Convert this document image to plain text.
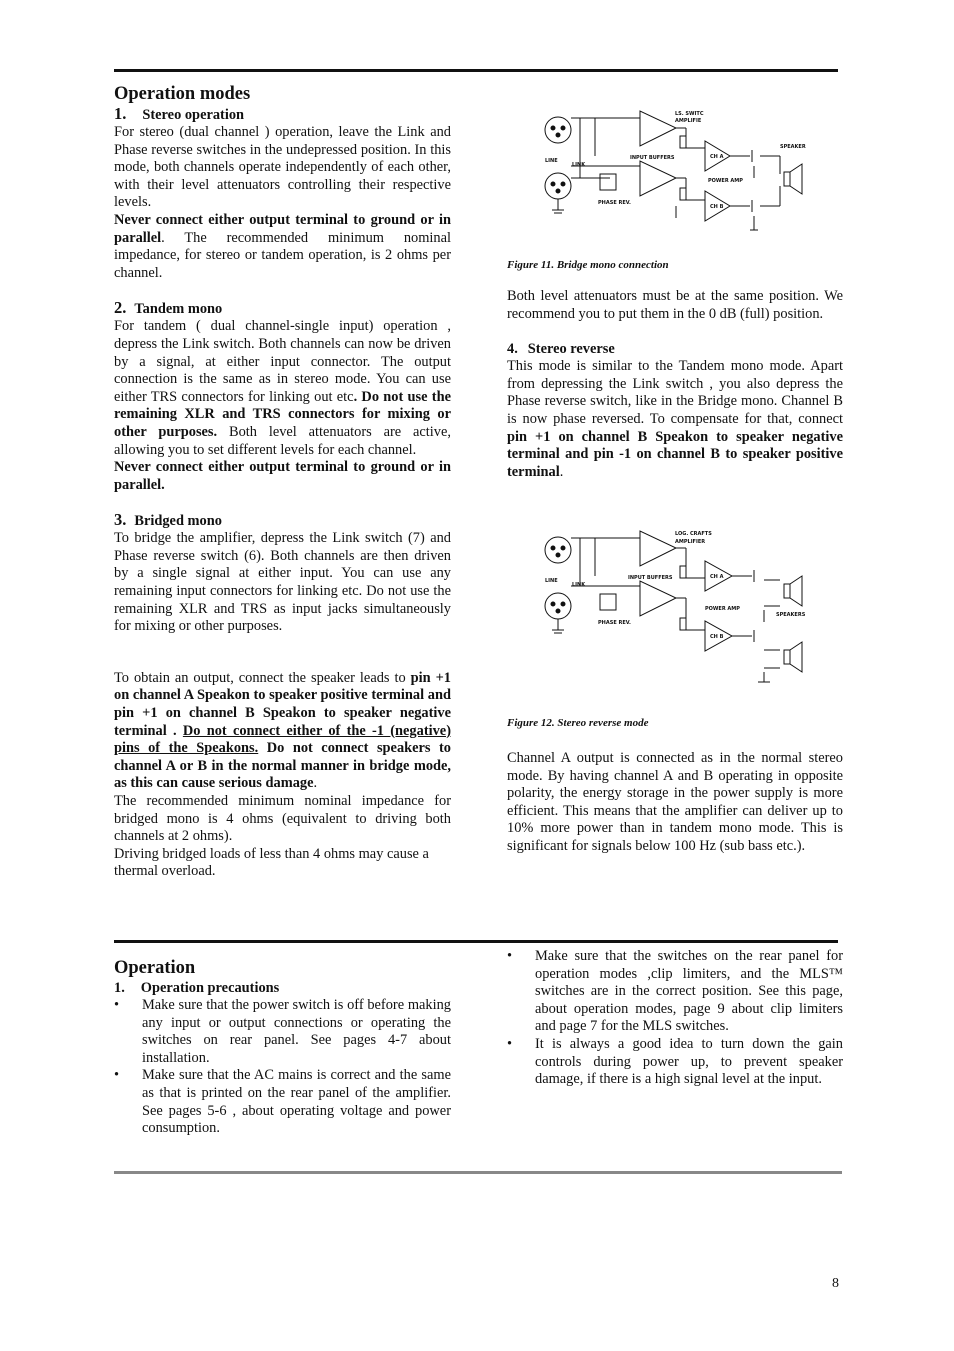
Operation modes
1. Stereo operation

For stereo (dual channel ) operation, leave the Link and Phase reverse switches in the undepressed position. In this mode, both channels operate independently of each other, with their level attenuators controlling their respective levels.

Never connect either output terminal to ground or in parallel. The recommended minimum nominal impedance, for stereo or tandem operation, is 2 ohms per channel.

2. Tandem mono

For tandem ( dual channel-single input) operation , depress the Link switch. Both channels can now be driven by a signal, at either input connector. The output connection is the same as in stereo mode. You can use either TRS connectors for linking out etc. Do not use the remaining XLR and TRS connectors for mixing or other purposes. Both level attenuators are active, allowing you to set different levels for each channel.

Never connect either output terminal to ground or in parallel.

3. Bridged mono

To bridge the amplifier, depress the Link switch (7) and Phase reverse switch (6). Both channels are then driven by a single signal at either input. You can use any remaining input connectors for linking etc. Do not use the remaining XLR and TRS as input jacks simultaneously for mixing or other purposes.

To obtain an output, connect the speaker leads to pin +1 on channel A Speakon to speaker positive terminal and pin +1 on channel B Speakon to speaker negative terminal . Do not connect either of the -1 (negative) pins of the Speakons. Do not connect speakers to channel A or B in the normal manner in bridge mode, as this can cause serious damage.

The recommended minimum nominal impedance for bridged mono is 4 ohms (equivalent to driving both channels at 2 ohms).

Driving bridged loads of less than 4 ohms may cause a thermal overload.

LS. SWITC
AMPLIFIE
LINE	INPUT BUFFERS	CH A
CH B
SPEAKER
PHASE REV.
POWER AMP
LINK

Figure 11. Bridge mono connection

Both level attenuators must be at the same position. We recommend you to put them in the 0 dB (full) position.

4. Stereo reverse

This mode is similar to the Tandem mono mode. Apart from depressing the Link switch , you also depress the Phase reverse switch, like in the Bridge mono. Channel B is now phase reversed. To compensate for that, connect pin +1 on channel B Speakon to speaker negative terminal and pin -1 on channel B to speaker positive terminal.

LOG. CRAFTS
AMPLIFIER
LINE	INPUT BUFFERS	CH A
CH B
SPEAKERS
PHASE REV.
POWER AMP
LINK

Figure 12. Stereo reverse mode

Channel A output is connected as in the normal stereo mode. By having channel A and B operating in opposite polarity, the energy storage in the power supply is more efficient. This means that the amplifier can deliver up to 10% more power than in tandem mono mode. This is significant for signals below 100 Hz (sub bass etc.).

Operation
1. Operation precautions
• Make sure that the power switch is off before making any input or output connections or operating the switches on rear panel. See pages 4-7 about installation.

• Make sure that the AC mains is correct and the same as that is printed on the rear panel of the amplifier. See pages 5-6 , about operating voltage and power consumption.

• Make sure that the switches on the rear panel for operation modes ,clip limiters, and the MLS™ switches are in the correct position. See this page, about operation modes, page 9 about clip limiters and page 7 for the MLS switches.

• It is always a good idea to turn down the gain controls during power up, to prevent speaker damage, if there is a high signal level at the input.

8
